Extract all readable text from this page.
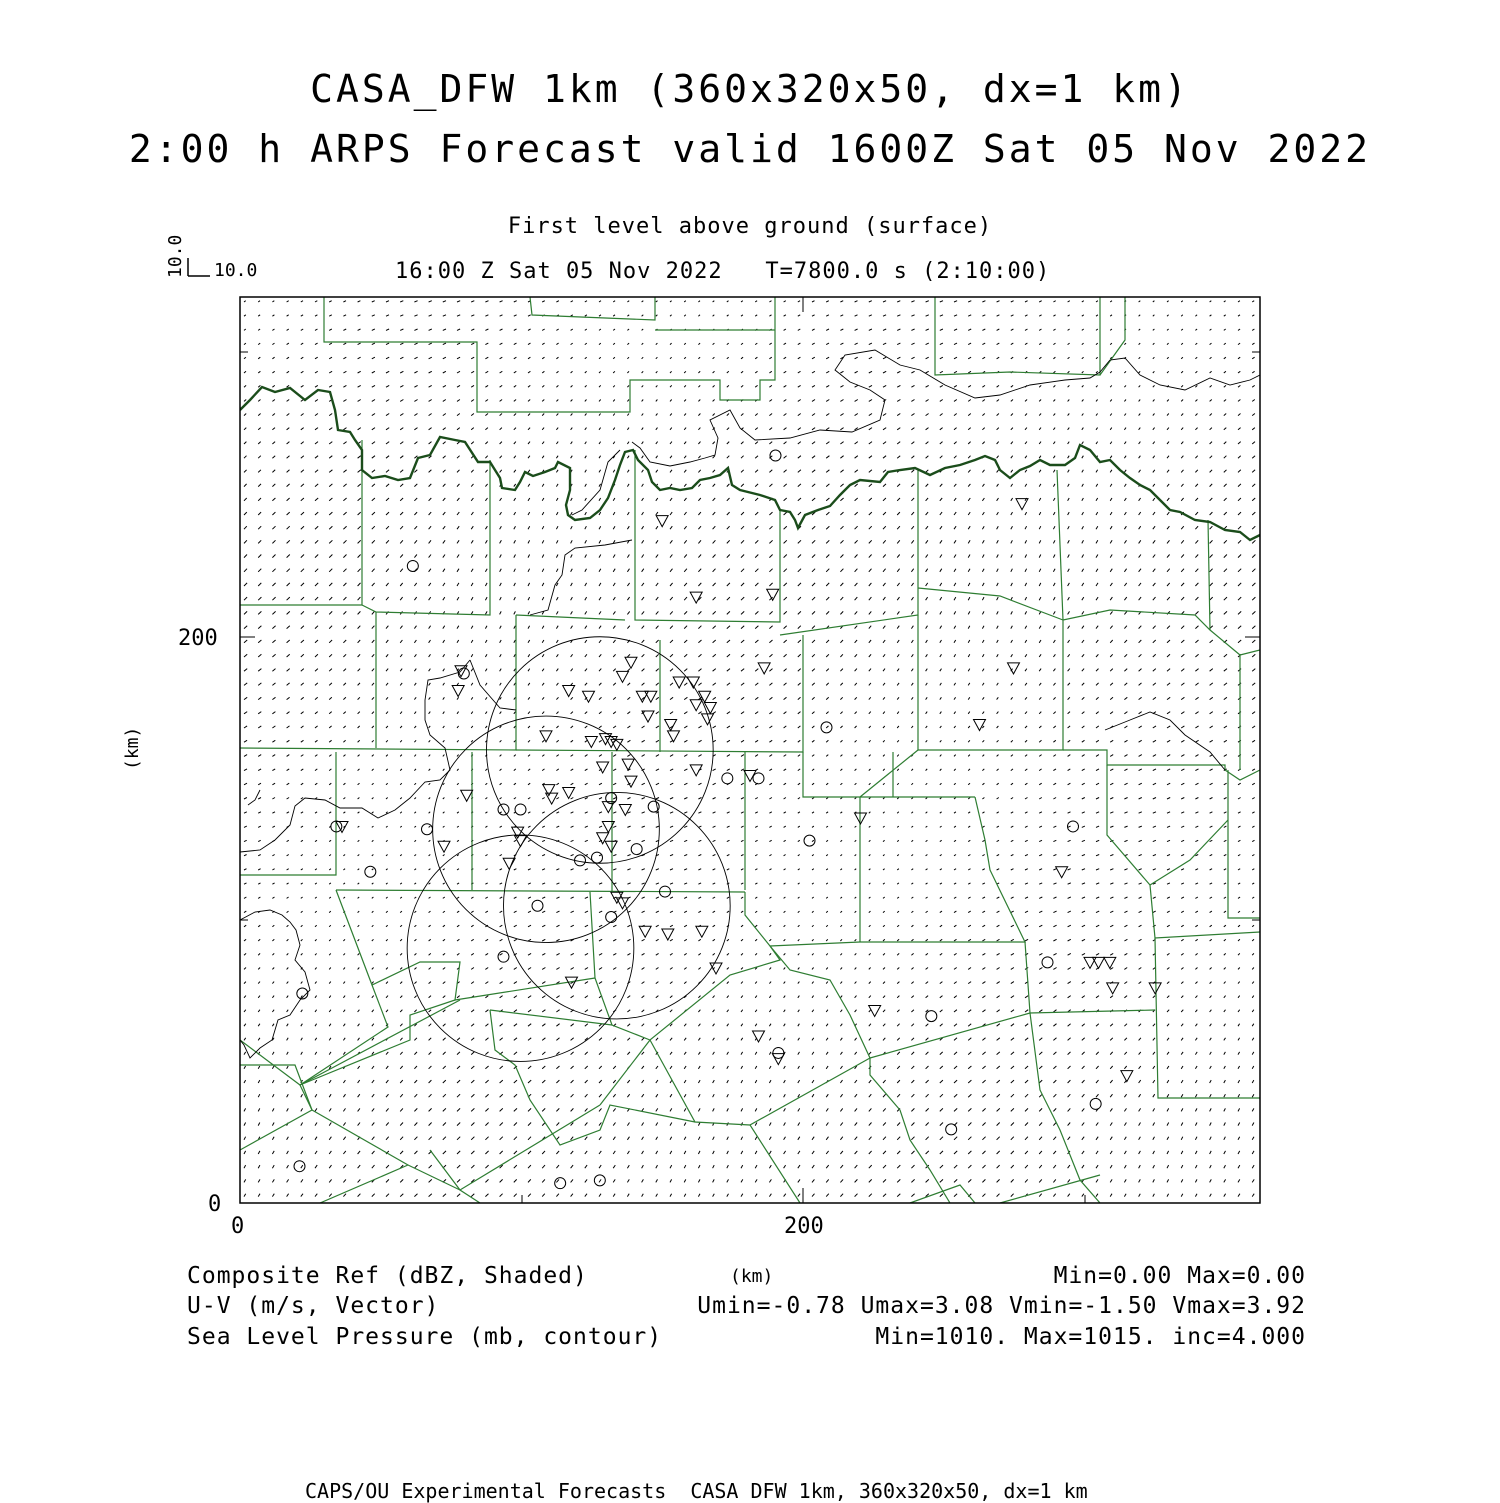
CASA_DFW 1km (360x320x50, dx=1 km)
2:00 h ARPS Forecast valid 1600Z Sat 05 Nov 2022
First level above ground (surface)
16:00 Z Sat 05 Nov 2022   T=7800.0 s (2:10:00)
10.0
10.0
200
0
0	200
(km)
(km)
Composite Ref (dBZ, Shaded)	Min=0.00 Max=0.00
U-V (m/s, Vector)	Umin=-0.78 Umax=3.08 Vmin=-1.50 Vmax=3.92
Sea Level Pressure (mb, contour)	Min=1010. Max=1015. inc=4.000
CAPS/OU Experimental Forecasts  CASA DFW 1km, 360x320x50, dx=1 km
